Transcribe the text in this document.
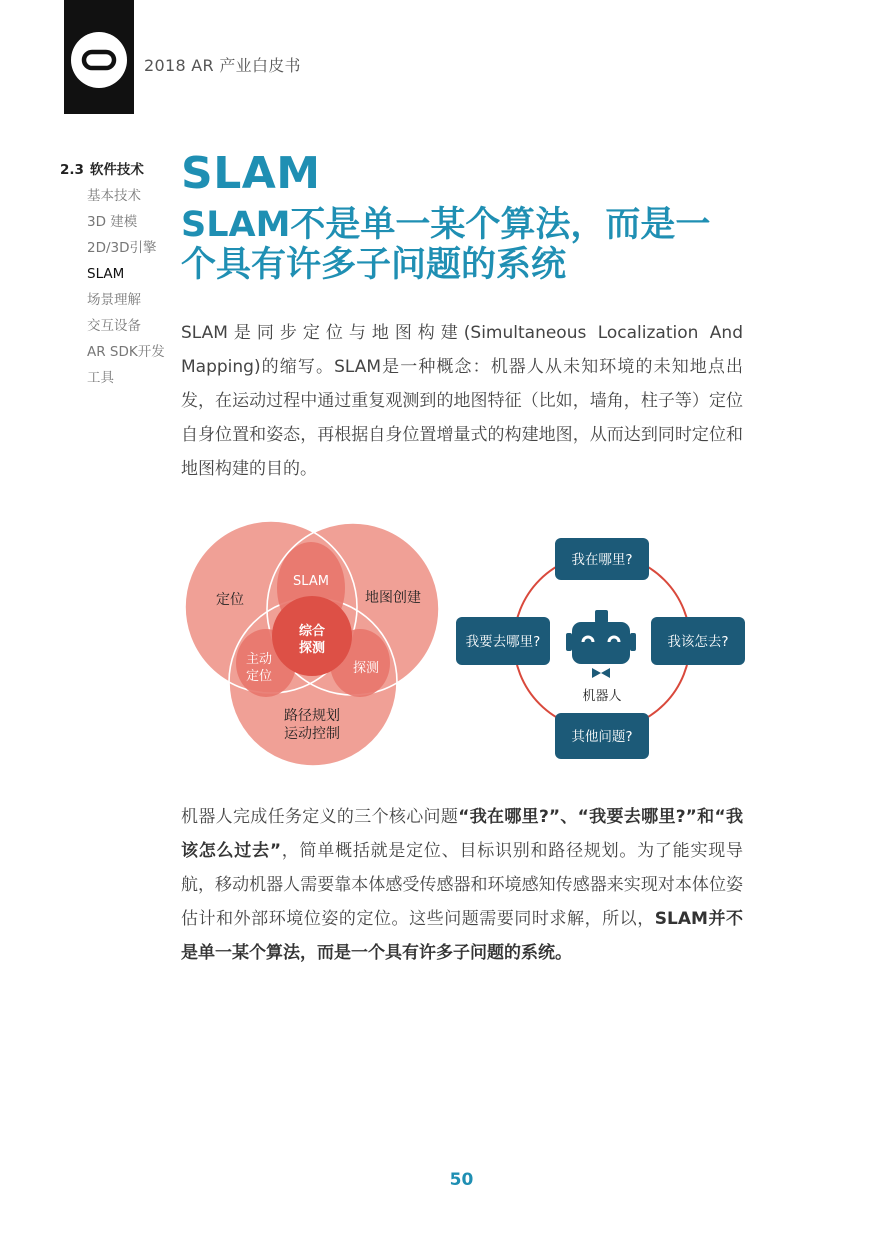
2018 AR 产业白皮书
2.3 软件技术
基本技术
3D 建模
2D/3D引擎
SLAM
场景理解
交互设备
AR SDK开发
工具
SLAM
SLAM不是单一某个算法，而是一
个具有许多子问题的系统

SLAM是同步定位与地图构建(Simultaneous Localization And Mapping)的缩写。SLAM是一种概念：机器人从未知环境的未知地点出发，在运动过程中通过重复观测到的地图特征（比如，墙角，柱子等）定位自身位置和姿态，再根据自身位置增量式的构建地图，从而达到同时定位和地图构建的目的。

定位	地图创建
路径规划
运动控制
SLAM
主动
定位
探测
综合
探测
机器人
我在哪里?
我要去哪里?	我该怎去?
其他问题?

机器人完成任务定义的三个核心问题“我在哪里?”、“我要去哪里?”和“我该怎么过去”，简单概括就是定位、目标识别和路径规划。为了能实现导航，移动机器人需要靠本体感受传感器和环境感知传感器来实现对本体位姿估计和外部环境位姿的定位。这些问题需要同时求解，所以，SLAM并不是单一某个算法，而是一个具有许多子问题的系统。

50
